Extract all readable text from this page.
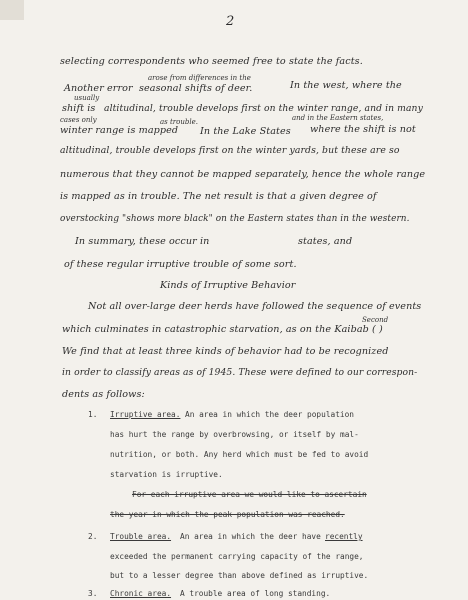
2
selecting correspondents who seemed free to state the facts.
Another error
arose from differences in the
seasonal shifts of deer.	In the west, where the
usually
shift is altitudinal, trouble develops first on the winter range, and in many
cases only	and in the Eastern states,
winter range is mapped
as trouble.
In the Lake States where the shift is not
altitudinal, trouble develops first on the winter yards, but these are so
numerous that they cannot be mapped separately, hence the whole range
is mapped as in trouble. The net result is that a given degree of
overstocking "shows more black" on the Eastern states than in the western.
In summary, these occur in	states, and
of these regular irruptive trouble of some sort.
Kinds of Irruptive Behavior
Not all over-large deer herds have followed the sequence of events
which culminates in catastrophic starvation, as on the Kaibab ( )
Second
We find that at least three kinds of behavior had to be recognized
in order to classify areas as of 1945. These were defined to our correspon-
dents as follows:
1. Irruptive area. An area in which the deer population
has hurt the range by overbrowsing, or itself by mal-
nutrition, or both. Any herd which must be fed to avoid
starvation is irruptive.
For each irruptive area we would like to ascertain
the year in which the peak population was reached.
2. Trouble area. An area in which the deer have recently
exceeded the permanent carrying capacity of the range,
but to a lesser degree than above defined as irruptive.
3. Chronic area. A trouble area of long standing.
